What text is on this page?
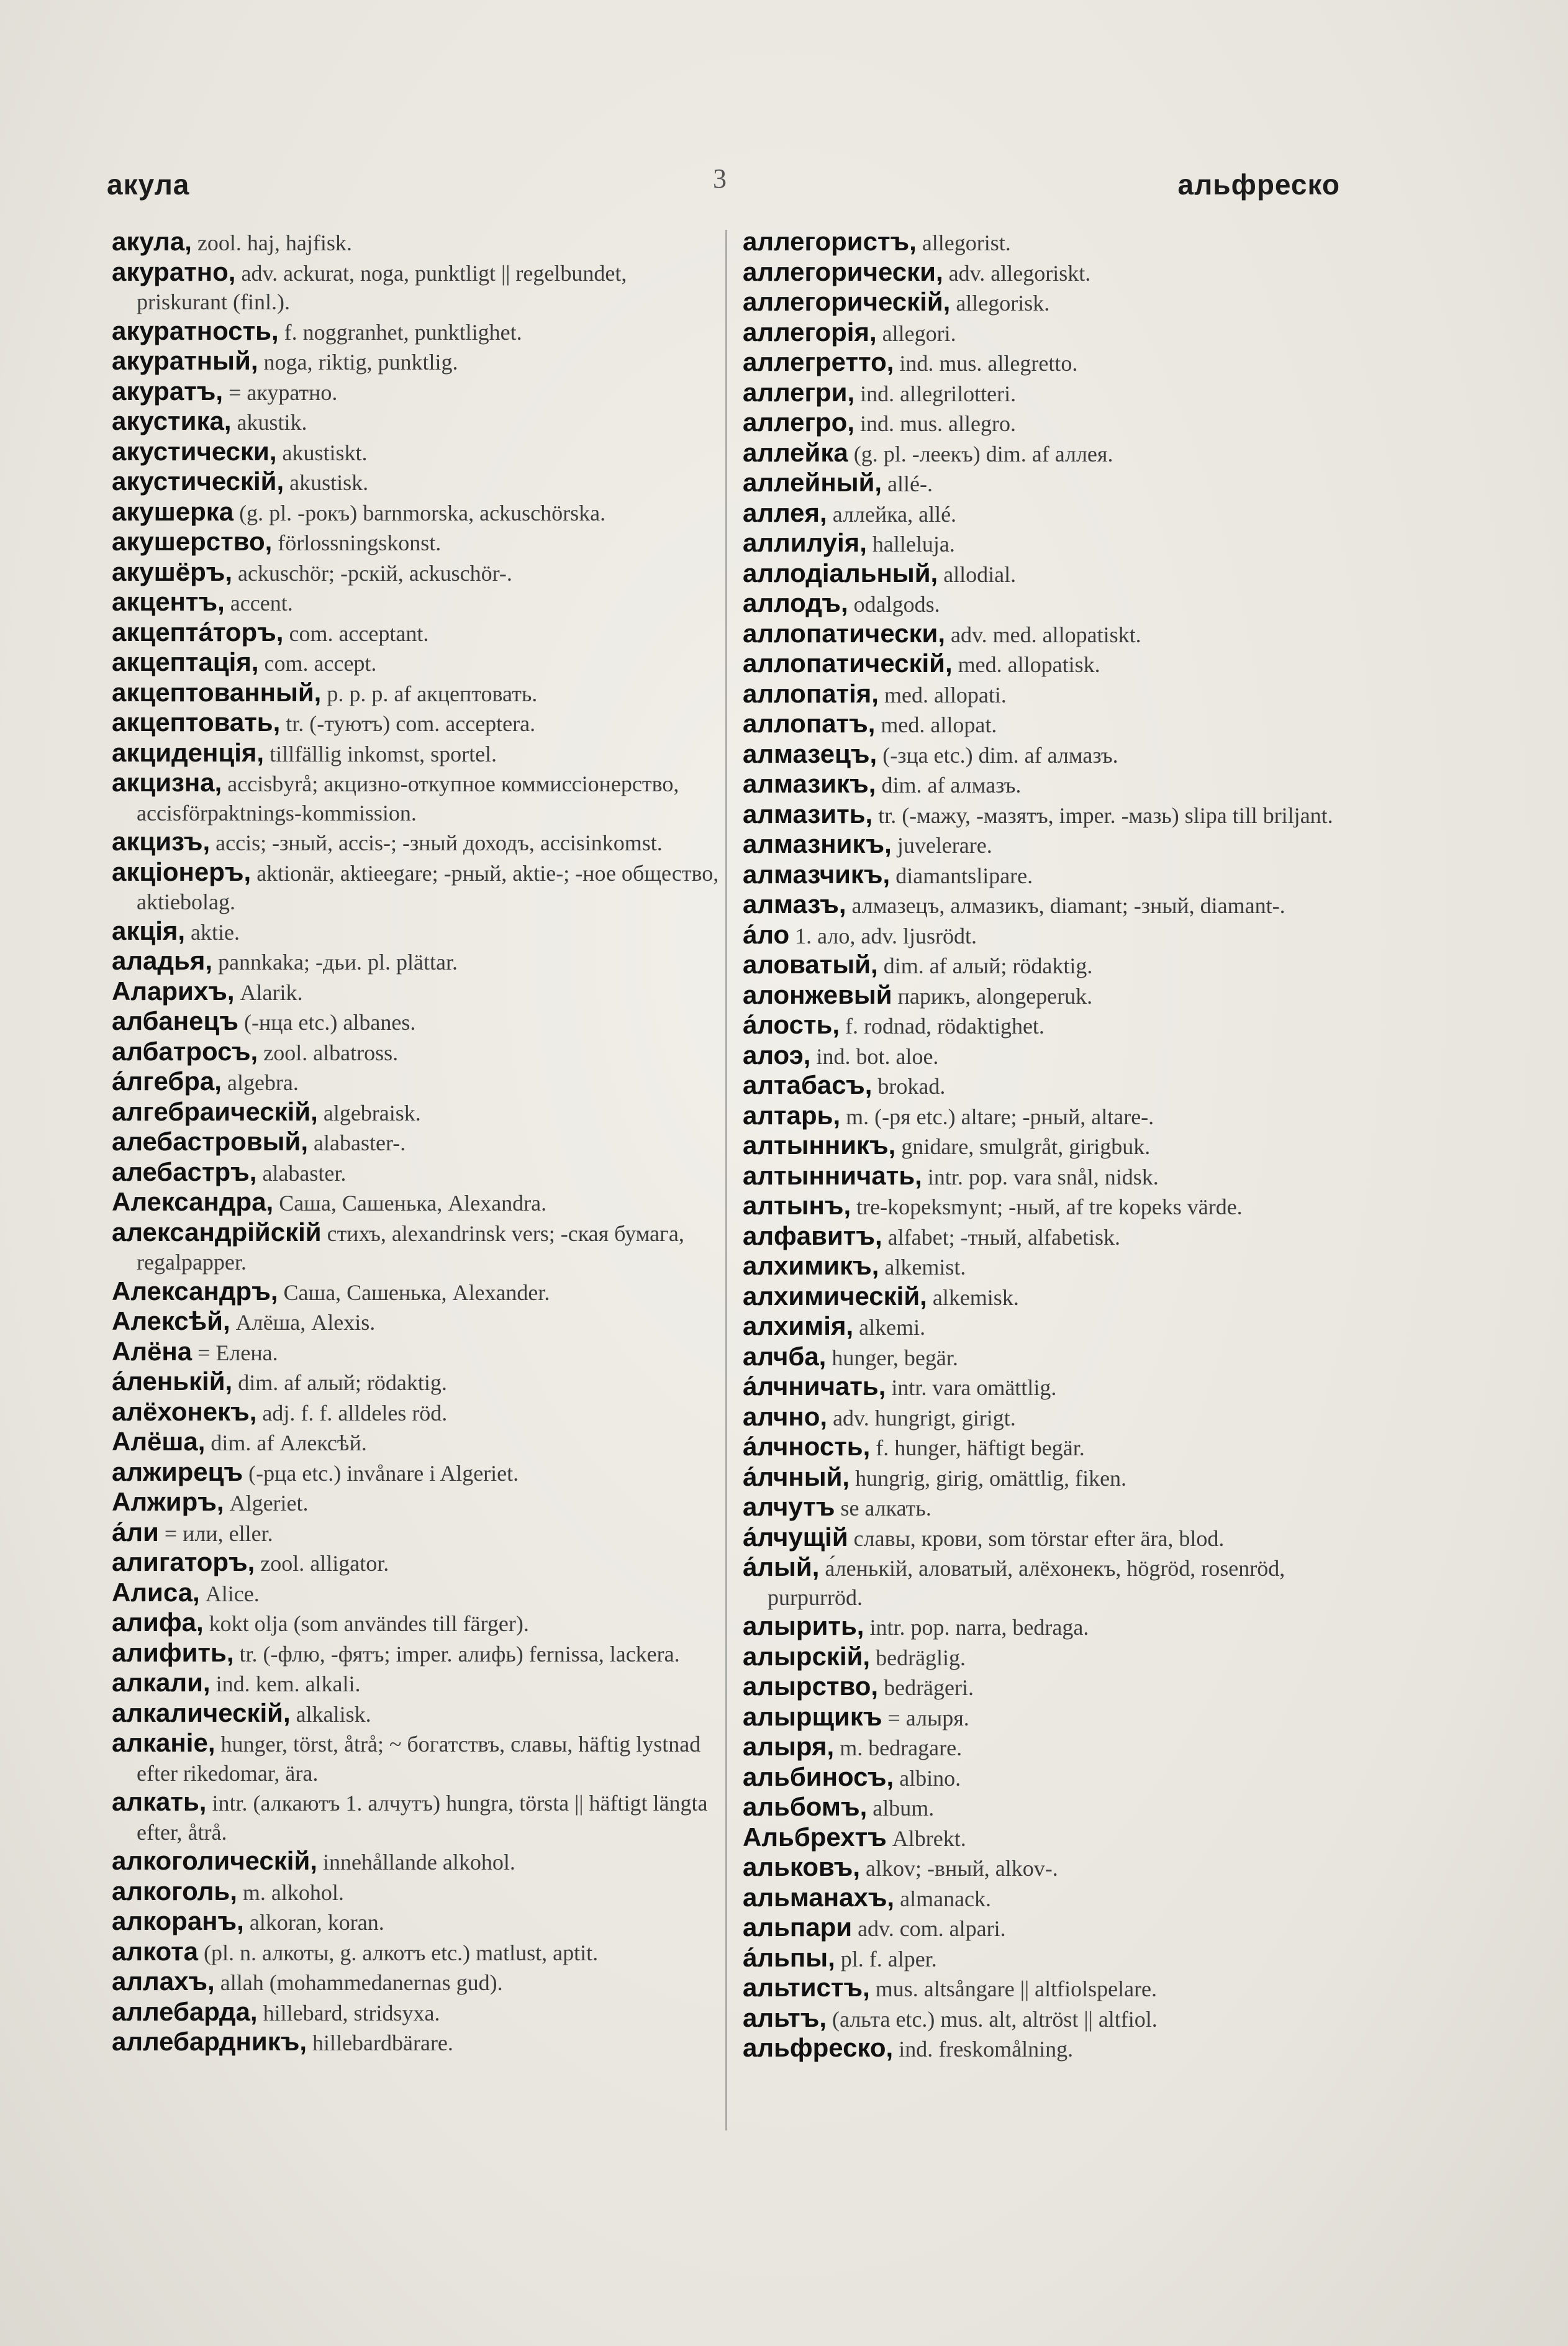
акула	3	альфреско
акула, zool. haj, hajfisk.
акуратно, adv. ackurat, noga, punktligt || regelbundet, priskurant (finl.).
акуратность, f. noggranhet, punktlighet.
акуратный, noga, riktig, punktlig.
акуратъ, = акуратно.
акустика, akustik.
акустически, akustiskt.
акустическій, akustisk.
акушерка (g. pl. -рокъ) barnmorska, ackuschörska.
акушерство, förlossningskonst.
акушёръ, ackuschör; -рскій, ackuschör-.
акцентъ, accent.
акцепта́торъ, com. acceptant.
акцептація, com. accept.
акцептованный, p. p. p. af акцептовать.
акцептовать, tr. (-туютъ) com. acceptera.
акциденція, tillfällig inkomst, sportel.
акцизна, accisbyrå; акцизно-откупное коммиссіонерство, accisförpaktnings-kommission.
акцизъ, accis; -зный, accis-; -зный доходъ, accisinkomst.
акціонеръ, aktionär, aktieegare; -рный, aktie-; -ное общество, aktiebolag.
акція, aktie.
аладья, pannkaka; -дьи. pl. plättar.
Аларихъ, Alarik.
албанецъ (-нца etc.) albanes.
албатросъ, zool. albatross.
а́лгебра, algebra.
алгебраическій, algebraisk.
алебастровый, alabaster-.
алебастръ, alabaster.
Александра, Саша, Сашенька, Alexandra.
александрійскій стихъ, alexandrinsk vers; -ская бумага, regalpapper.
Александръ, Саша, Сашенька, Alexander.
Алексѣй, Алёша, Alexis.
Алёна = Елена.
а́ленькій, dim. af алый; rödaktig.
алёхонекъ, adj. f. f. alldeles röd.
Алёша, dim. af Алексѣй.
алжирецъ (-рца etc.) invånare i Algeriet.
Алжиръ, Algeriet.
а́ли = или, eller.
алигаторъ, zool. alligator.
Алиса, Alice.
алифа, kokt olja (som användes till färger).
алифить, tr. (-флю, -фятъ; imper. алифь) fernissa, lackera.
алкали, ind. kem. alkali.
алкалическій, alkalisk.
алканіе, hunger, törst, åtrå; ~ богатствъ, славы, häftig lystnad efter rikedomar, ära.
алкать, intr. (алкаютъ 1. алчутъ) hungra, törsta || häftigt längta efter, åtrå.
алкоголическій, innehållande alkohol.
алкоголь, m. alkohol.
алкоранъ, alkoran, koran.
алкота (pl. n. алкоты, g. алкотъ etc.) matlust, aptit.
аллахъ, allah (mohammedanernas gud).
аллебарда, hillebard, stridsyxa.
аллебардникъ, hillebardbärare.
аллегористъ, allegorist.
аллегорически, adv. allegoriskt.
аллегорическій, allegorisk.
аллегорія, allegori.
аллегретто, ind. mus. allegretto.
аллегри, ind. allegrilotteri.
аллегро, ind. mus. allegro.
аллейка (g. pl. -леекъ) dim. af аллея.
аллейный, allé-.
аллея, аллейка, allé.
аллилуія, halleluja.
аллодіальный, allodial.
аллодъ, odalgods.
аллопатически, adv. med. allopatiskt.
аллопатическій, med. allopatisk.
аллопатія, med. allopati.
аллопатъ, med. allopat.
алмазецъ, (-зца etc.) dim. af алмазъ.
алмазикъ, dim. af алмазъ.
алмазить, tr. (-мажу, -мазятъ, imper. -мазь) slipa till briljant.
алмазникъ, juvelerare.
алмазчикъ, diamantslipare.
алмазъ, алмазецъ, алмазикъ, diamant; -зный, diamant-.
а́ло 1. ало, adv. ljusrödt.
аловатый, dim. af алый; rödaktig.
алонжевый парикъ, alongeperuk.
а́лость, f. rodnad, rödaktighet.
алоэ, ind. bot. aloe.
алтабасъ, brokad.
алтарь, m. (-ря etc.) altare; -рный, altare-.
алтынникъ, gnidare, smulgråt, girigbuk.
алтынничать, intr. pop. vara snål, nidsk.
алтынъ, tre-kopeksmynt; -ный, af tre kopeks värde.
алфавитъ, alfabet; -тный, alfabetisk.
алхимикъ, alkemist.
алхимическій, alkemisk.
алхимія, alkemi.
алчба, hunger, begär.
а́лчничать, intr. vara omättlig.
алчно, adv. hungrigt, girigt.
а́лчность, f. hunger, häftigt begär.
а́лчный, hungrig, girig, omättlig, fiken.
алчутъ se алкать.
а́лчущій славы, крови, som törstar efter ära, blod.
а́лый, а́ленькій, аловатый, алёхонекъ, högröd, rosenröd, purpurröd.
алырить, intr. pop. narra, bedraga.
алырскій, bedräglig.
алырство, bedrägeri.
алырщикъ = алыря.
алыря, m. bedragare.
альбиносъ, albino.
альбомъ, album.
Альбрехтъ Albrekt.
альковъ, alkov; -вный, alkov-.
альманахъ, almanack.
альпари adv. com. alpari.
а́льпы, pl. f. alper.
альтистъ, mus. altsångare || altfiolspelare.
альтъ, (альта etc.) mus. alt, altröst || altfiol.
альфреско, ind. freskomålning.
